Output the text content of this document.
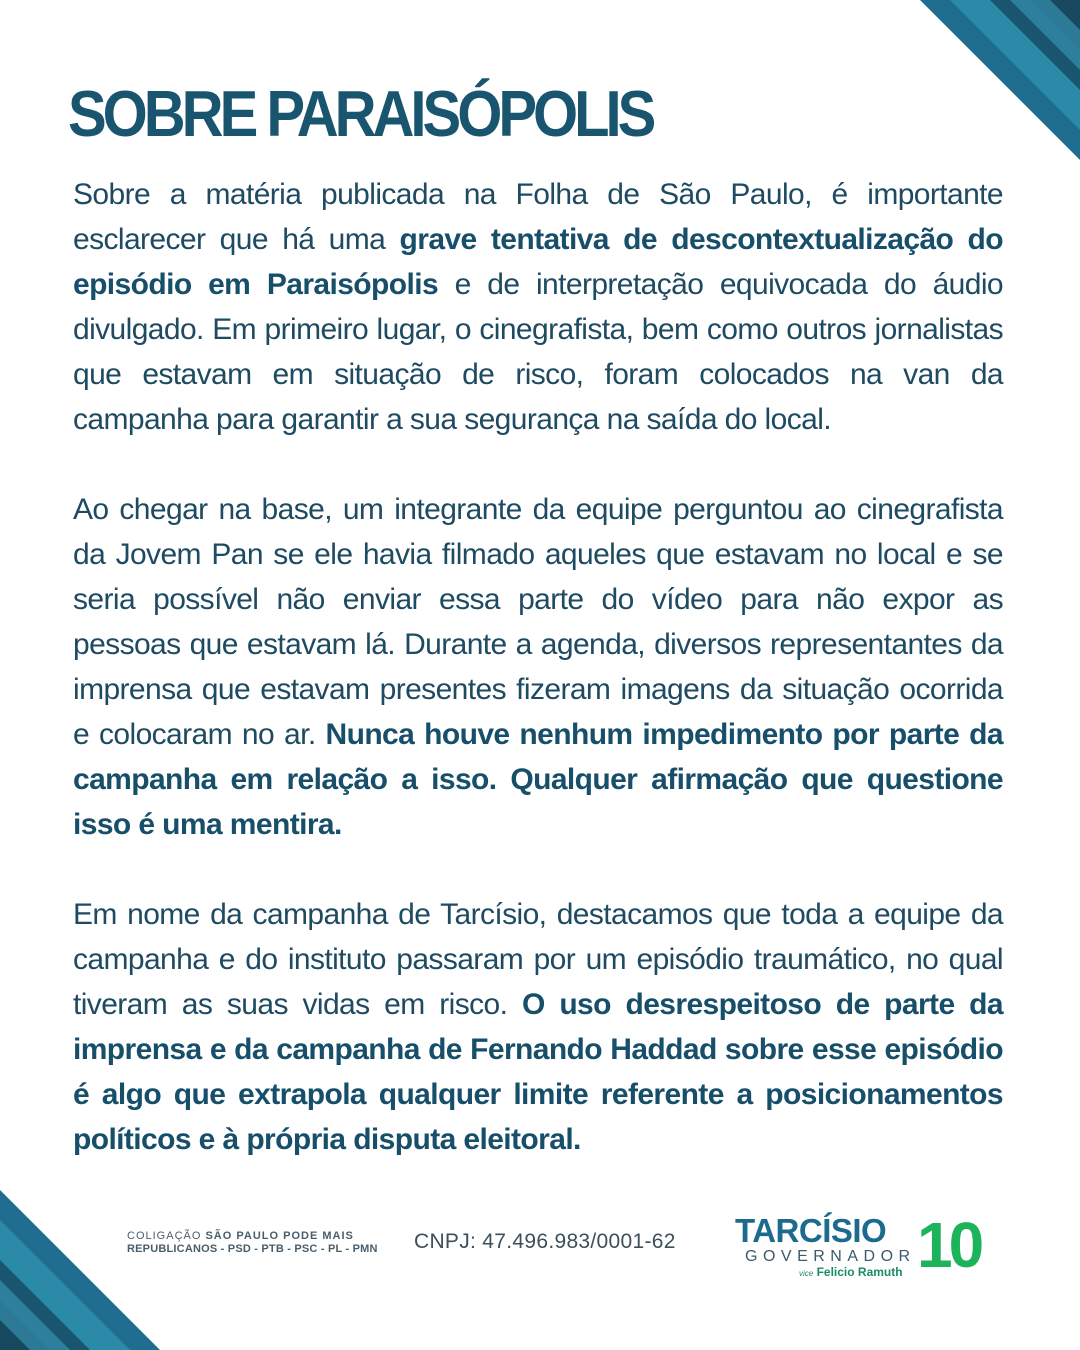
SOBRE PARAISÓPOLIS

Sobre a matéria publicada na Folha de São Paulo, é importante esclarecer que há uma grave tentativa de descontextualização do episódio em Paraisópolis e de interpretação equivocada do áudio divulgado. Em primeiro lugar, o cinegrafista, bem como outros jornalistas que estavam em situação de risco, foram colocados na van da campanha para garantir a sua segurança na saída do local.

Ao chegar na base, um integrante da equipe perguntou ao cinegrafista da Jovem Pan se ele havia filmado aqueles que estavam no local e se seria possível não enviar essa parte do vídeo para não expor as pessoas que estavam lá. Durante a agenda, diversos representantes da imprensa que estavam presentes fizeram imagens da situação ocorrida e colocaram no ar. Nunca houve nenhum impedimento por parte da campanha em relação a isso. Qualquer afirmação que questione isso é uma mentira.

Em nome da campanha de Tarcísio, destacamos que toda a equipe da campanha e do instituto passaram por um episódio traumático, no qual tiveram as suas vidas em risco. O uso desrespeitoso de parte da imprensa e da campanha de Fernando Haddad sobre esse episódio é algo que extrapola qualquer limite referente a posicionamentos políticos e à própria disputa eleitoral.

COLIGAÇÃO SÃO PAULO PODE MAIS
REPUBLICANOS - PSD - PTB - PSC - PL - PMN CNPJ: 47.496.983/0001-62 TARCÍSIO
GOVERNADOR
vice Felicio Ramuth 10
